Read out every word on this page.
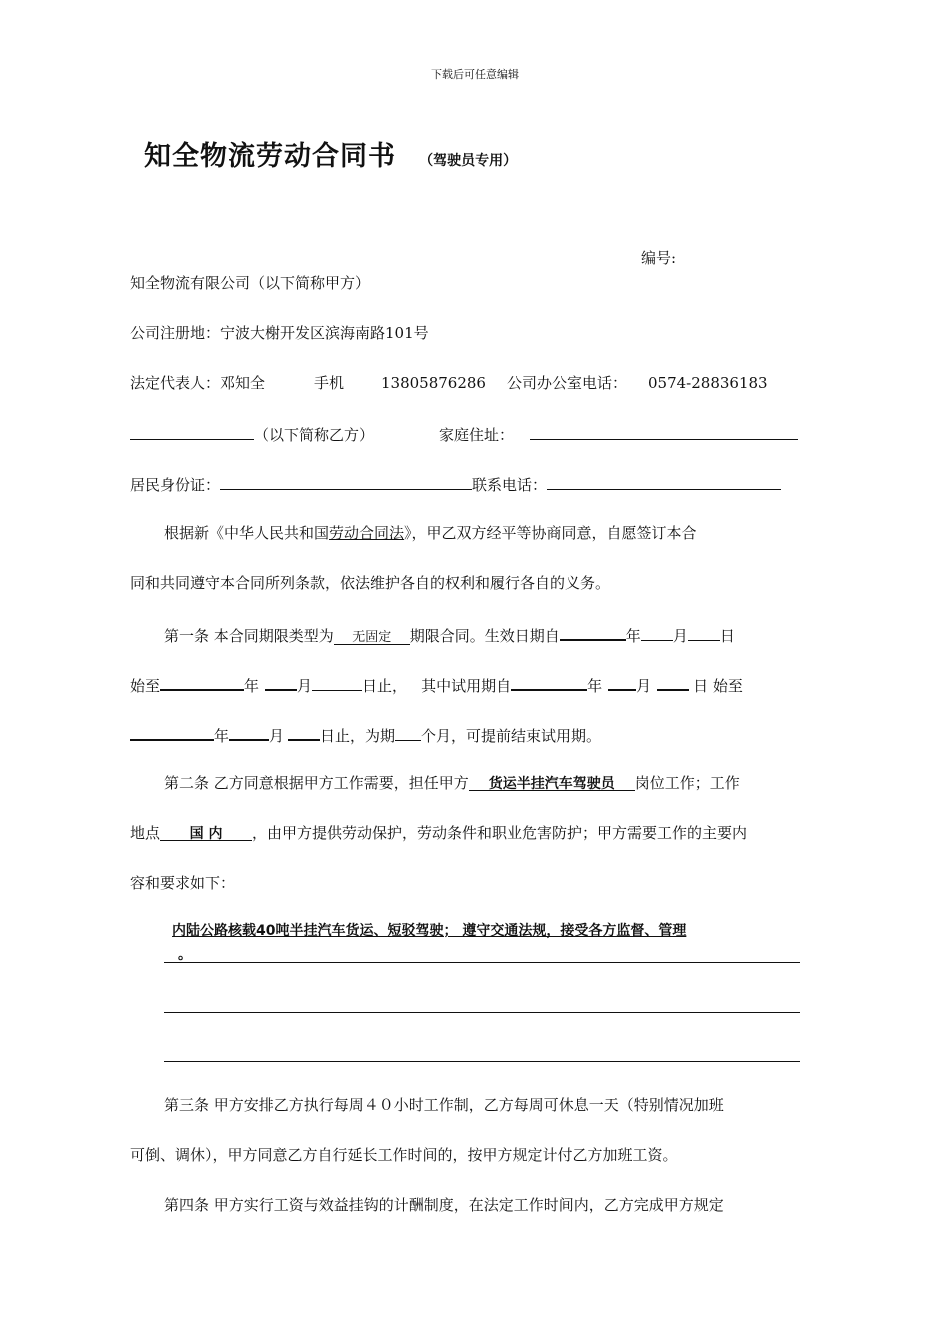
下载后可任意编辑
知全物流劳动合同书 （驾驶员专用）
编号:
知全物流有限公司（以下简称甲方）
公司注册地：宁波大榭开发区滨海南路101号
法定代表人：邓知全	手机 13805876286 公司办公室电话： 0574-28836183
（以下简称乙方）	家庭住址：
居民身份证：	联系电话：
根据新《中华人民共和国劳动合同法》，甲乙双方经平等协商同意，自愿签订本合
同和共同遵守本合同所列条款，依法维护各自的权利和履行各自的义务。
第一条 本合同期限类型为 无固定 期限合同。生效日期自	年 月 日
始至	年	月	日止， 其中试用期自	年 月	日 始至
年	月 日止，为期 个月，可提前结束试用期。
第二条 乙方同意根据甲方工作需要，担任甲方 货运半挂汽车驾驶员 岗位工作；工作
地点 国 内 ，由甲方提供劳动保护，劳动条件和职业危害防护；甲方需要工作的主要内
容和要求如下：
内陆公路核载40吨半挂汽车货运、短驳驾驶； 遵守交通法规，接受各方监督、管理
。
第三条 甲方安排乙方执行每周４０小时工作制，乙方每周可休息一天（特别情况加班
可倒、调休），甲方同意乙方自行延长工作时间的，按甲方规定计付乙方加班工资。
第四条 甲方实行工资与效益挂钩的计酬制度，在法定工作时间内，乙方完成甲方规定
